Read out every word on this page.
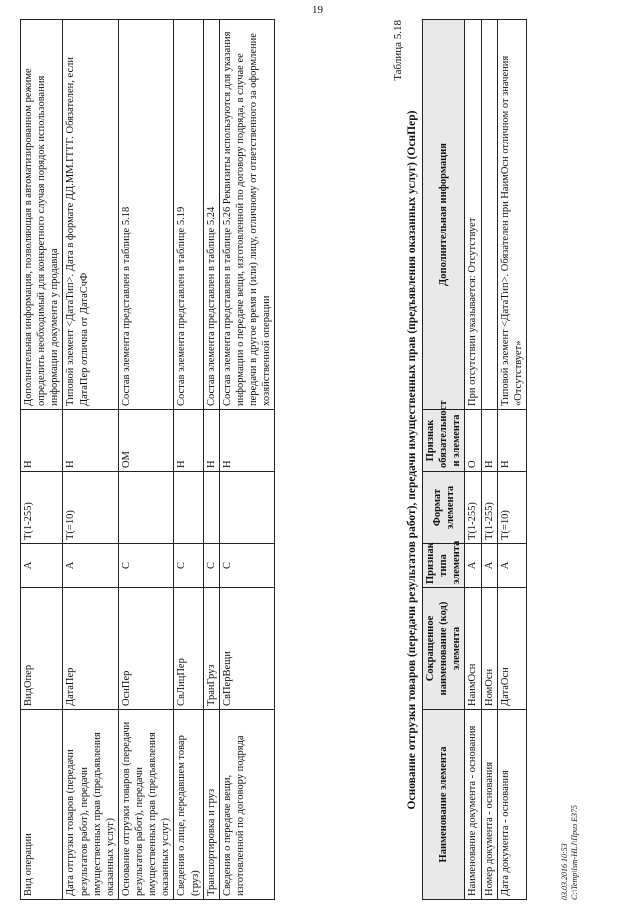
19
Вид операции	ВидОпер	А	Т(1-255)	Н	Дополнительная информация, позволяющая в автоматизированном режиме определить необходимый для конкретного случая порядок использования информации документа у продавца
Дата отгрузки товаров (передачи результатов работ), передачи имущественных прав (предъявления оказанных услуг)	ДатаПер	А	Т(=10)	Н	Типовой элемент <ДатаТип>. Дата в формате ДД.ММ.ГГГГ. Обязателен, если ДатаПер отлична от ДатаСчФ
Основание отгрузки товаров (передачи результатов работ), передачи имущественных прав (предъявления оказанных услуг)	ОснПер	С		ОМ	Состав элемента представлен в таблице 5.18
Сведения о лице, передавшем товар (груз)	СвЛицПер	С		Н	Состав элемента представлен в таблице 5.19
Транспортировка и груз	ТранГруз	С		Н	Состав элемента представлен в таблице 5.24
Сведения о передаче вещи, изготовленной по договору подряда	СвПерВещи	С		Н	Состав элемента представлен в таблице 5.26 Реквизиты используются для указания информации о передаче вещи, изготовленной по договору подряда, в случае ее передачи в другое время и (или) лицу, отличному от ответственного за оформление хозяйственной операции
Таблица 5.18
Основание отгрузки товаров (передачи результатов работ), передачи имущественных прав (предъявления оказанных услуг) (ОснПер) Наименование элемента	Сокращенное наименование (код) элемента	Признак типа элемента	Формат элемента	Признак обязательност и элемента	Дополнительная информация
Наименование документа - основания	НаимОсн	А	Т(1-255)	О	При отсутствии указывается: Отсутствует
Номер документа - основания	НомОсн	А	Т(1-255)	Н	
Дата документа - основания	ДатаОсн	А	Т(=10)	Н	Типовой элемент <ДатаТип>. Обязателен при НаимОсн отличном от значения «Отсутствует»
03.03.2016 10:53 С:\Temp\lsm-HLJ\Приз Е375
